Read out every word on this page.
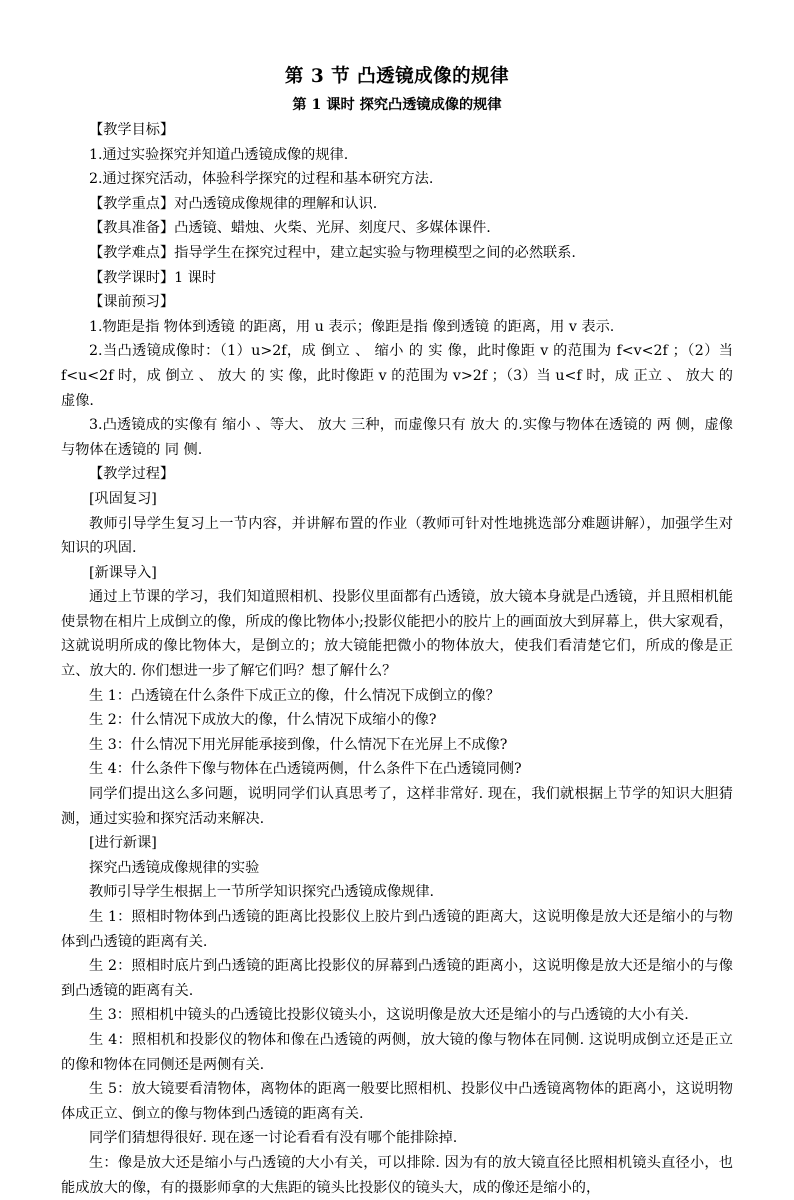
第 3 节 凸透镜成像的规律
第 1 课时 探究凸透镜成像的规律

【教学目标】

1.通过实验探究并知道凸透镜成像的规律.

2.通过探究活动，体验科学探究的过程和基本研究方法.

【教学重点】对凸透镜成像规律的理解和认识.

【教具准备】凸透镜、蜡烛、火柴、光屏、刻度尺、多媒体课件.

【教学难点】指导学生在探究过程中，建立起实验与物理模型之间的必然联系.

【教学课时】1 课时

【课前预习】

1.物距是指 物体到透镜 的距离，用 u 表示；像距是指 像到透镜 的距离，用 v 表示.

2.当凸透镜成像时：（1）u>2f，成 倒立 、 缩小 的 实 像，此时像距 v 的范围为 f<v<2f ；（2）当 f<u<2f 时，成 倒立 、 放大 的 实 像，此时像距 v 的范围为 v>2f ；（3）当 u<f 时，成 正立 、 放大 的 虚像.

3.凸透镜成的实像有 缩小 、等大、 放大 三种，而虚像只有 放大 的.实像与物体在透镜的 两 侧，虚像与物体在透镜的 同 侧.

【教学过程】

[巩固复习]

教师引导学生复习上一节内容，并讲解布置的作业（教师可针对性地挑选部分难题讲解），加强学生对知识的巩固.

[新课导入]

通过上节课的学习，我们知道照相机、投影仪里面都有凸透镜，放大镜本身就是凸透镜，并且照相机能使景物在相片上成倒立的像，所成的像比物体小;投影仪能把小的胶片上的画面放大到屏幕上，供大家观看，这就说明所成的像比物体大，是倒立的；放大镜能把微小的物体放大，使我们看清楚它们，所成的像是正立、放大的. 你们想进一步了解它们吗？想了解什么？

生 1：凸透镜在什么条件下成正立的像，什么情况下成倒立的像？

生 2：什么情况下成放大的像，什么情况下成缩小的像?

生 3：什么情况下用光屏能承接到像，什么情况下在光屏上不成像?

生 4：什么条件下像与物体在凸透镜两侧，什么条件下在凸透镜同侧?

同学们提出这么多问题，说明同学们认真思考了，这样非常好. 现在，我们就根据上节学的知识大胆猜测，通过实验和探究活动来解决.

[进行新课]

探究凸透镜成像规律的实验

教师引导学生根据上一节所学知识探究凸透镜成像规律.

生 1：照相时物体到凸透镜的距离比投影仪上胶片到凸透镜的距离大，这说明像是放大还是缩小的与物体到凸透镜的距离有关.

生 2：照相时底片到凸透镜的距离比投影仪的屏幕到凸透镜的距离小，这说明像是放大还是缩小的与像到凸透镜的距离有关.

生 3：照相机中镜头的凸透镜比投影仪镜头小，这说明像是放大还是缩小的与凸透镜的大小有关.

生 4：照相机和投影仪的物体和像在凸透镜的两侧，放大镜的像与物体在同侧. 这说明成倒立还是正立的像和物体在同侧还是两侧有关.

生 5：放大镜要看清物体，离物体的距离一般要比照相机、投影仪中凸透镜离物体的距离小，这说明物体成正立、倒立的像与物体到凸透镜的距离有关.

同学们猜想得很好. 现在逐一讨论看看有没有哪个能排除掉.

生：像是放大还是缩小与凸透镜的大小有关，可以排除. 因为有的放大镜直径比照相机镜头直径小，也能成放大的像，有的摄影师拿的大焦距的镜头比投影仪的镜头大，成的像还是缩小的，
